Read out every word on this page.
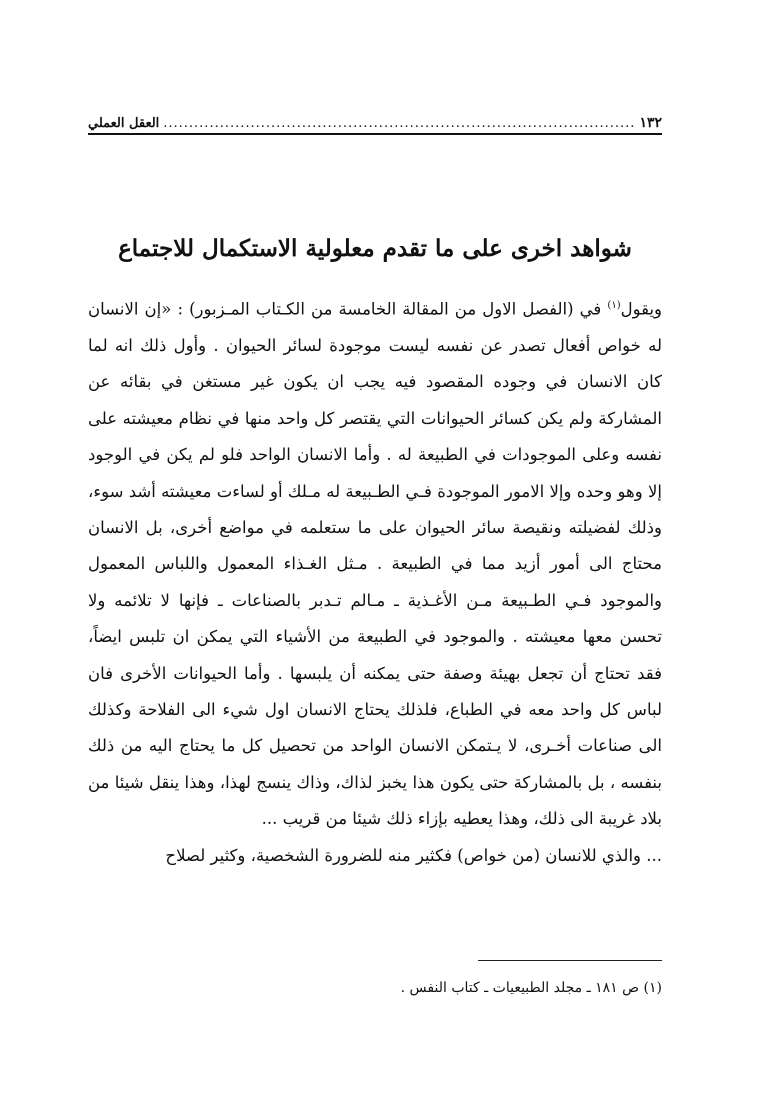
١٣٢
.....
العقل العملي
شواهد اخرى على ما تقدم معلولية الاستكمال للاجتماع

ويقول$^{(١)}$ في (الفصل الاول من المقالة الخامسة من الكـتاب المـزبور) : «إن الانسان له خواص أفعال تصدر عن نفسه ليست موجودة لسائر الحيوان . وأول ذلك انه لما كان الانسان في وجوده المقصود فيه يجب ان يكون غير مستغن في بقائه عن المشاركة ولم يكن كسائر الحيوانات التي يقتصر كل واحد منها في نظام معيشته على نفسه وعلى الموجودات في الطبيعة له . وأما الانسان الواحد فلو لم يكن في الوجود إلا وهو وحده وإلا الامور الموجودة فـي الطـبيعة له مـلك أو لساءت معيشته أشد سوء، وذلك لفضيلته ونقيصة سائر الحيوان على ما ستعلمه في مواضع أخرى، بل الانسان محتاج الى أمور أزيد مما في الطبيعة . مـثل الغـذاء المعمول واللباس المعمول والموجود فـي الطـبيعة مـن الأغـذية ـ مـالم تـدبر بالصناعات ـ فإنها لا تلائمه ولا تحسن معها معيشته . والموجود في الطبيعة من الأشياء التي يمكن ان تلبس ايضاً، فقد تحتاج أن تجعل بهيئة وصفة حتى يمكنه أن يلبسها . وأما الحيوانات الأخرى فان لباس كل واحد معه في الطباع، فلذلك يحتاج الانسان اول شيء الى الفلاحة وكذلك الى صناعات أخـرى، لا يـتمكن الانسان الواحد من تحصيل كل ما يحتاج اليه من ذلك بنفسه ، بل بالمشاركة حتى يكون هذا يخبز لذاك، وذاك ينسج لهذا، وهذا ينقل شيئا من بلاد غريبة الى ذلك، وهذا يعطيه بإزاء ذلك شيئا من قريب ...

... والذي للانسان (من خواص) فكثير منه للضرورة الشخصية، وكثير لصلاح

(١) ص ١٨١ ـ مجلد الطبيعيات ـ كتاب النفس .
